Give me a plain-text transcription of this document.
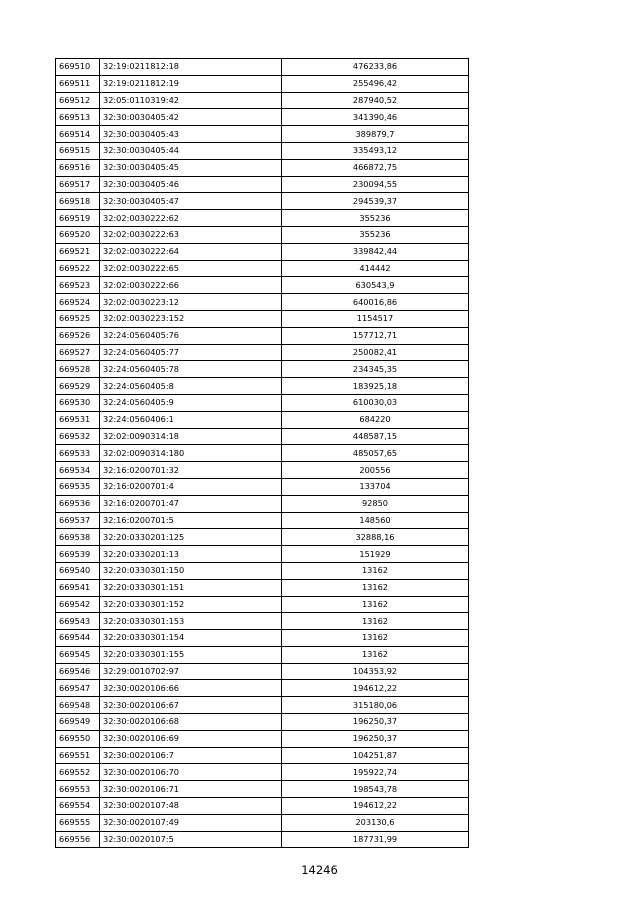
669510	32:19:0211812:18	476233,86
669511	32:19:0211812:19	255496,42
669512	32:05:0110319:42	287940,52
669513	32:30:0030405:42	341390,46
669514	32:30:0030405:43	389879,7
669515	32:30:0030405:44	335493,12
669516	32:30:0030405:45	466872,75
669517	32:30:0030405:46	230094,55
669518	32:30:0030405:47	294539,37
669519	32:02:0030222:62	355236
669520	32:02:0030222:63	355236
669521	32:02:0030222:64	339842,44
669522	32:02:0030222:65	414442
669523	32:02:0030222:66	630543,9
669524	32:02:0030223:12	640016,86
669525	32:02:0030223:152	1154517
669526	32:24:0560405:76	157712,71
669527	32:24:0560405:77	250082,41
669528	32:24:0560405:78	234345,35
669529	32:24:0560405:8	183925,18
669530	32:24:0560405:9	610030,03
669531	32:24:0560406:1	684220
669532	32:02:0090314:18	448587,15
669533	32:02:0090314:180	485057,65
669534	32:16:0200701:32	200556
669535	32:16:0200701:4	133704
669536	32:16:0200701:47	92850
669537	32:16:0200701:5	148560
669538	32:20:0330201:125	32888,16
669539	32:20:0330201:13	151929
669540	32:20:0330301:150	13162
669541	32:20:0330301:151	13162
669542	32:20:0330301:152	13162
669543	32:20:0330301:153	13162
669544	32:20:0330301:154	13162
669545	32:20:0330301:155	13162
669546	32:29:0010702:97	104353,92
669547	32:30:0020106:66	194612,22
669548	32:30:0020106:67	315180,06
669549	32:30:0020106:68	196250,37
669550	32:30:0020106:69	196250,37
669551	32:30:0020106:7	104251,87
669552	32:30:0020106:70	195922,74
669553	32:30:0020106:71	198543,78
669554	32:30:0020107:48	194612,22
669555	32:30:0020107:49	203130,6
669556	32:30:0020107:5	187731,99
14246
